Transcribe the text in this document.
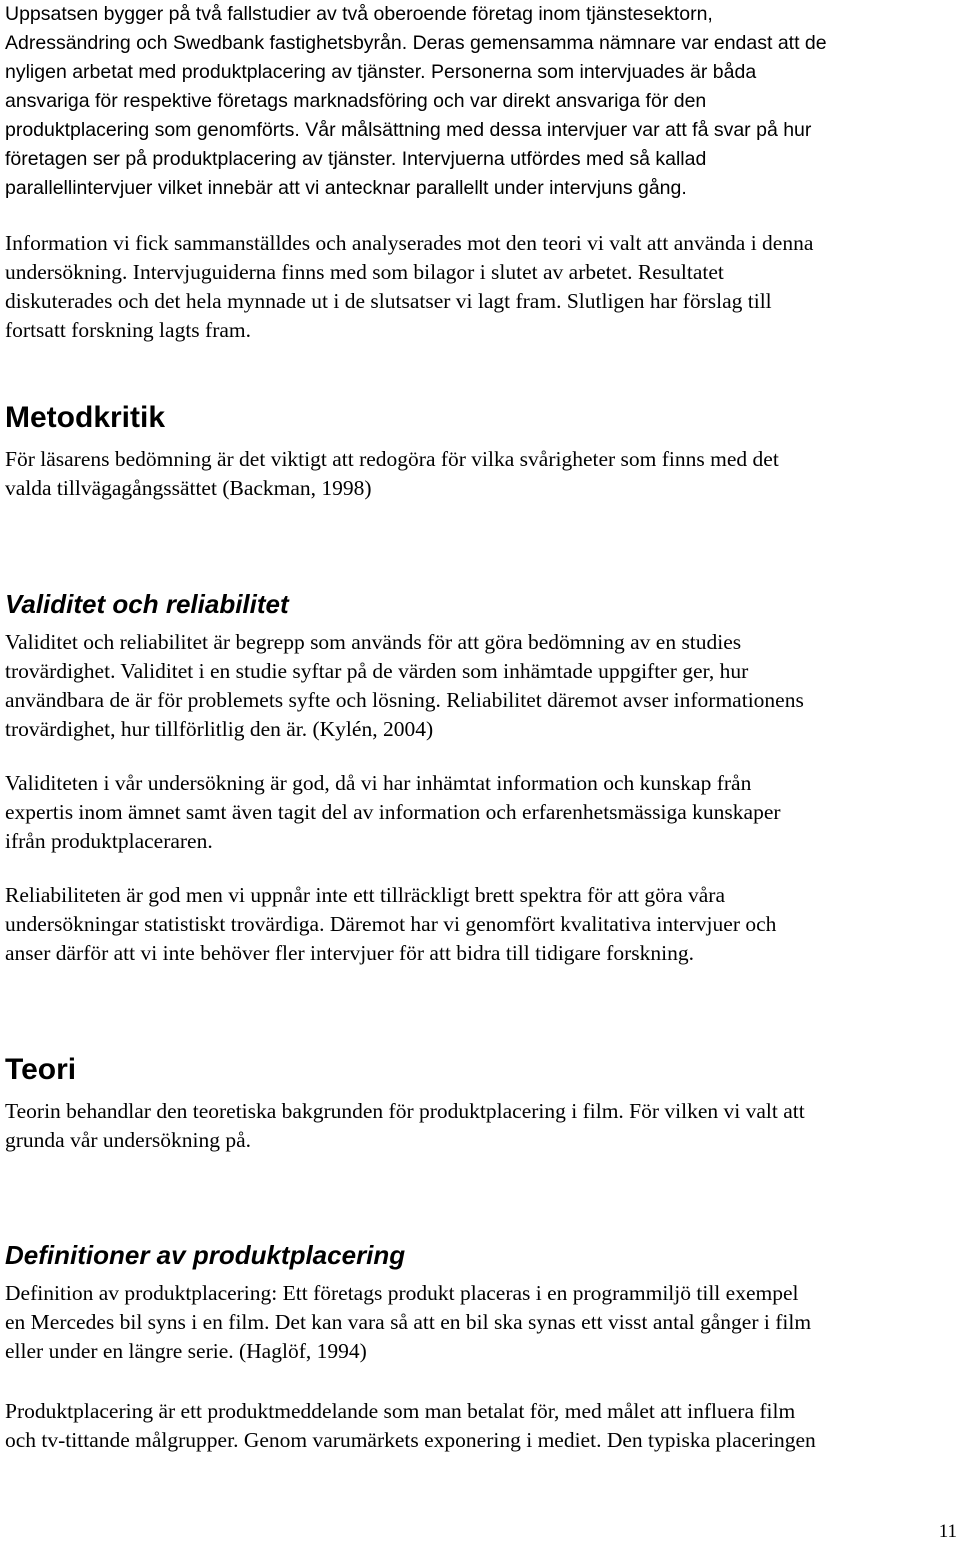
Uppsatsen bygger på två fallstudier av två oberoende företag inom tjänstesektorn,
Adressändring och Swedbank fastighetsbyrån. Deras gemensamma nämnare var endast att de
nyligen arbetat med produktplacering av tjänster. Personerna som intervjuades är båda
ansvariga för respektive företags marknadsföring och var direkt ansvariga för den
produktplacering som genomförts. Vår målsättning med dessa intervjuer var att få svar på hur
företagen ser på produktplacering av tjänster. Intervjuerna utfördes med så kallad
parallellintervjuer vilket innebär att vi antecknar parallellt under intervjuns gång.
Information vi fick sammanställdes och analyserades mot den teori vi valt att använda i denna
undersökning. Intervjuguiderna finns med som bilagor i slutet av arbetet. Resultatet
diskuterades och det hela mynnade ut i de slutsatser vi lagt fram. Slutligen har förslag till
fortsatt forskning lagts fram.
Metodkritik
För läsarens bedömning är det viktigt att redogöra för vilka svårigheter som finns med det
valda tillvägagångssättet (Backman, 1998)
Validitet och reliabilitet
Validitet och reliabilitet är begrepp som används för att göra bedömning av en studies
trovärdighet. Validitet i en studie syftar på de värden som inhämtade uppgifter ger, hur
användbara de är för problemets syfte och lösning. Reliabilitet däremot avser informationens
trovärdighet, hur tillförlitlig den är. (Kylén, 2004)
Validiteten i vår undersökning är god, då vi har inhämtat information och kunskap från
expertis inom ämnet samt även tagit del av information och erfarenhetsmässiga kunskaper
ifrån produktplaceraren.
Reliabiliteten är god men vi uppnår inte ett tillräckligt brett spektra för att göra våra
undersökningar statistiskt trovärdiga. Däremot har vi genomfört kvalitativa intervjuer och
anser därför att vi inte behöver fler intervjuer för att bidra till tidigare forskning.
Teori
Teorin behandlar den teoretiska bakgrunden för produktplacering i film. För vilken vi valt att
grunda vår undersökning på.
Definitioner av produktplacering
Definition av produktplacering: Ett företags produkt placeras i en programmiljö till exempel
en Mercedes bil syns i en film. Det kan vara så att en bil ska synas ett visst antal gånger i film
eller under en längre serie. (Haglöf, 1994)
Produktplacering är ett produktmeddelande som man betalat för, med målet att influera film
och tv-tittande målgrupper. Genom varumärkets exponering i mediet. Den typiska placeringen
11
